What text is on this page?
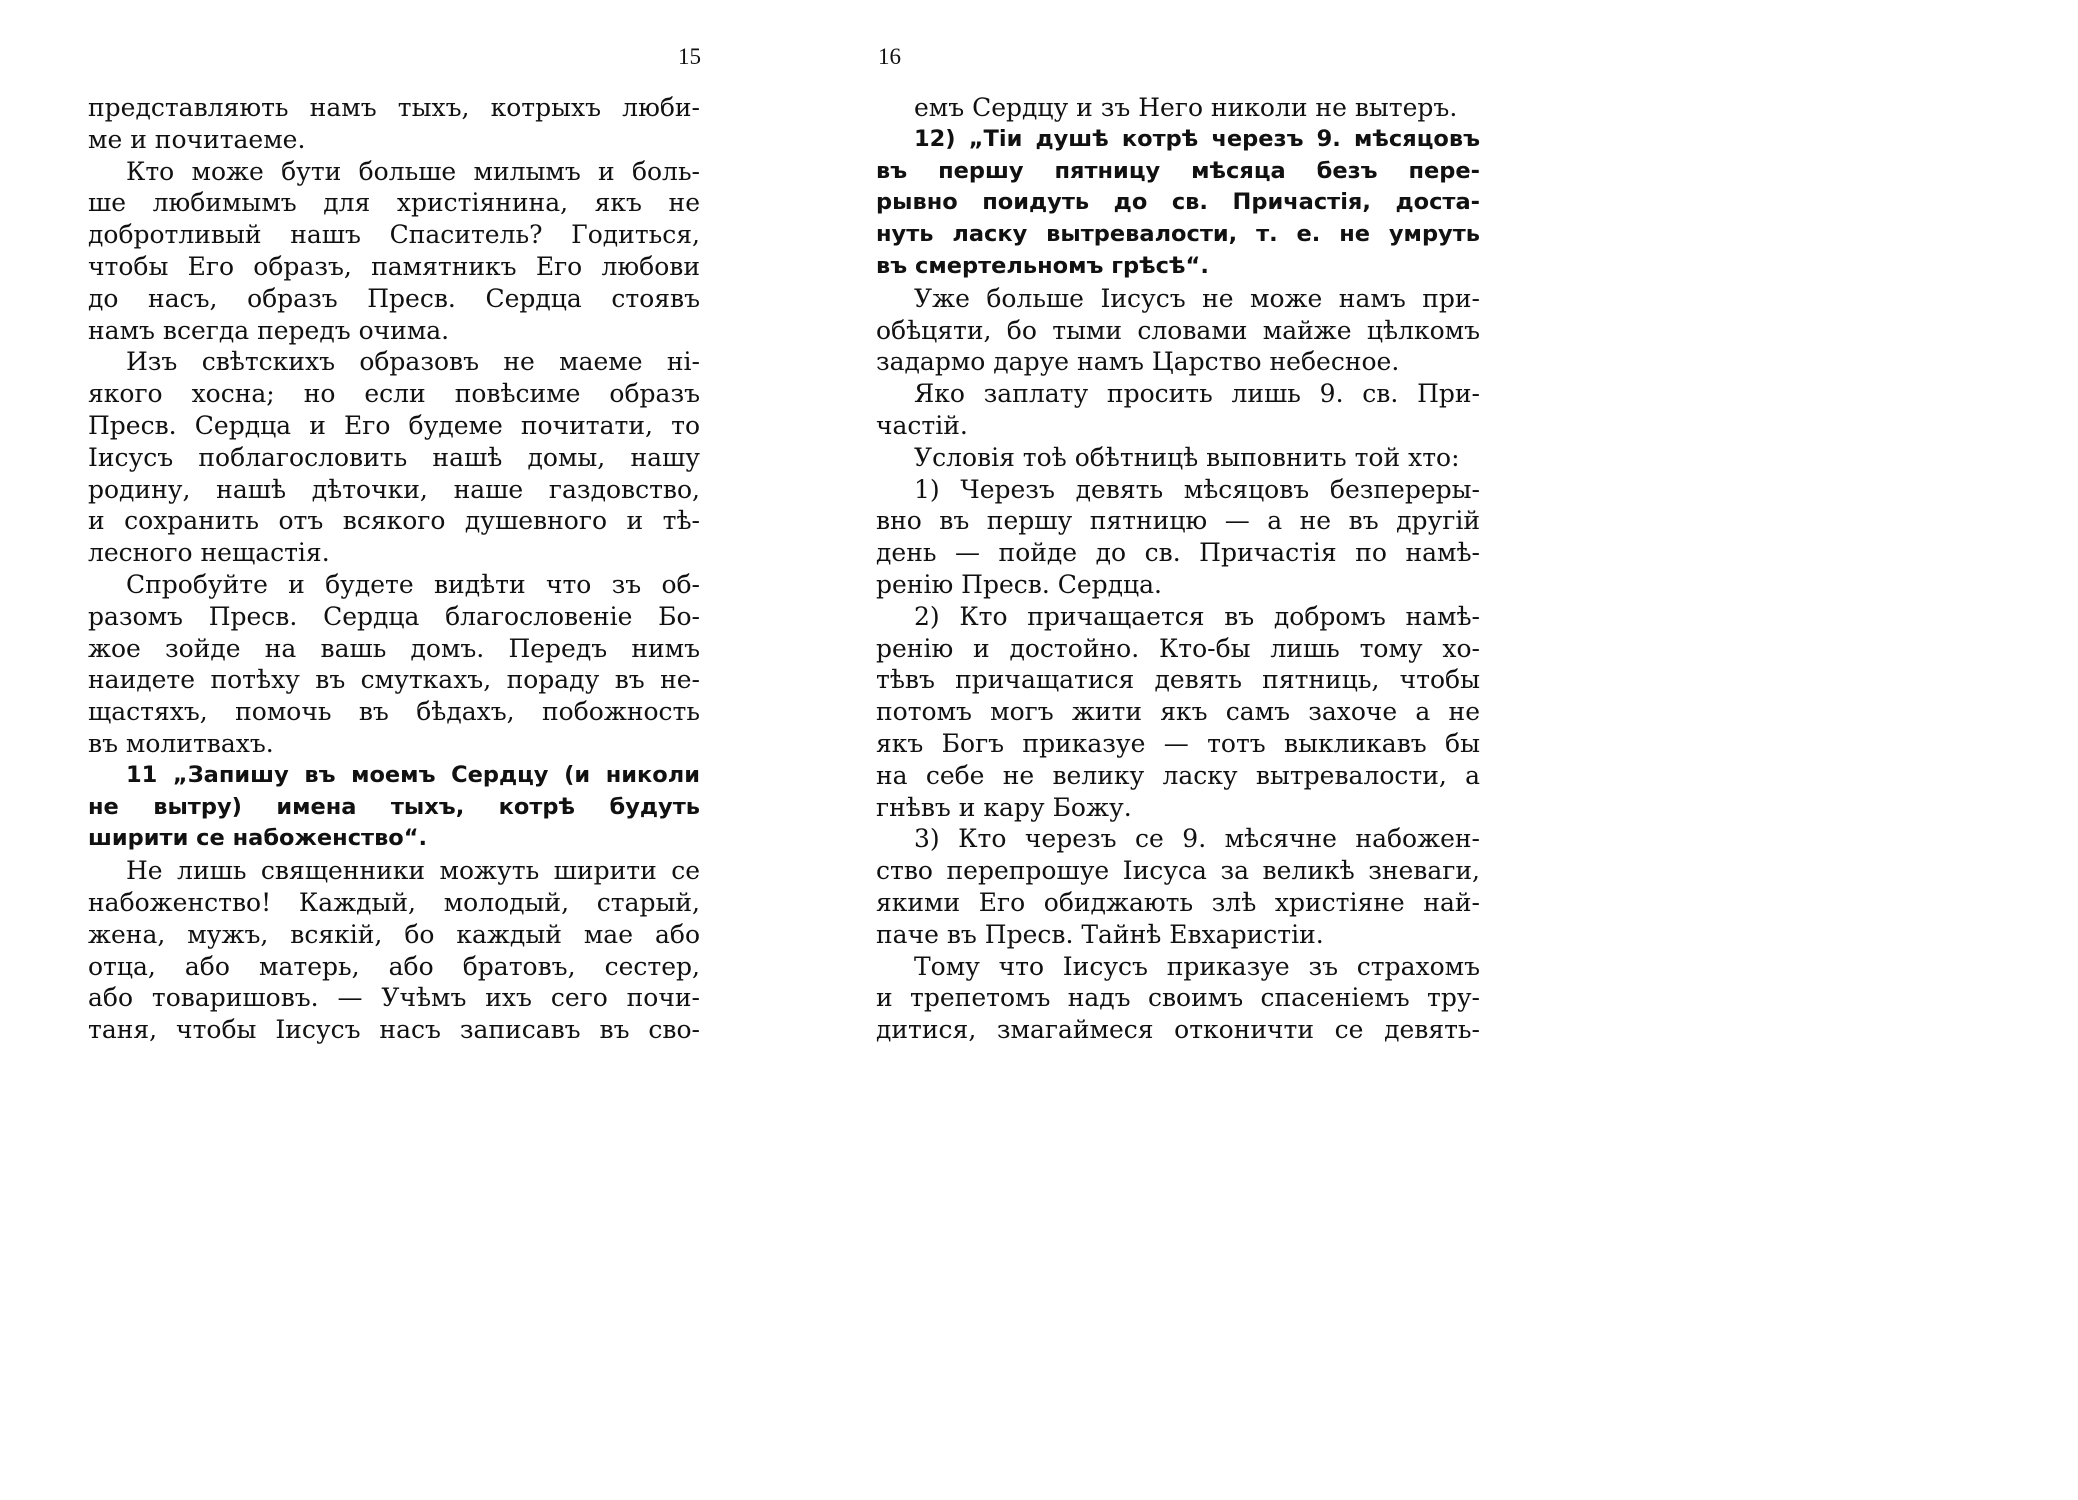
15
представляють намъ тыхъ, котрыхъ люби-
ме и почитаеме.
Кто може бути больше милымъ и боль-
ше любимымъ для христіянина, якъ не
добротливый нашъ Спаситель? Годиться,
чтобы Его образъ, памятникъ Его любови
до насъ, образъ Пресв. Сердца стоявъ
намъ всегда передъ очима.
Изъ свѣтскихъ образовъ не маеме ні-
якого хосна; но если повѣсиме образъ
Пресв. Сердца и Его будеме почитати, то
Іисусъ поблагословить нашѣ домы, нашу
родину, нашѣ дѣточки, наше газдовство,
и сохранить отъ всякого душевного и тѣ-
лесного нещастія.
Спробуйте и будете видѣти что зъ об-
разомъ Пресв. Сердца благословеніе Бо-
жое зойде на вашь домъ. Передъ нимъ
наидете потѣху въ смуткахъ, пораду въ не-
щастяхъ, помочь въ бѣдахъ, побожность
въ молитвахъ.
11 „Запишу въ моемъ Сердцу (и николи
не вытру) имена тыхъ, котрѣ будуть
ширити се набоженство“.
Не лишь священники можуть ширити се
набоженство! Каждый, молодый, старый,
жена, мужъ, всякій, бо каждый мае або
отца, або матерь, або братовъ, сестер,
або товаришовъ. — Учѣмъ ихъ сего почи-
таня, чтобы Іисусъ насъ записавъ въ сво-
16
емъ Сердцу и зъ Него николи не вытеръ.
12) „Тіи душѣ котрѣ черезъ 9. мѣсяцовъ
въ першу пятницу мѣсяца безъ пере-
рывно поидуть до св. Причастія, доста-
нуть ласку вытревалости, т. е. не умруть
въ смертельномъ грѣсѣ“.
Уже больше Іисусъ не може намъ при-
обѣцяти, бо тыми словами майже цѣлкомъ
задармо даруе намъ Царство небесное.
Яко заплату просить лишь 9. св. При-
частій.
Условія тоѣ обѣтницѣ выповнить той хто:
1) Черезъ девять мѣсяцовъ безпереры-
вно въ першу пятницю — а не въ другій
день — пойде до св. Причастія по намѣ-
ренію Пресв. Сердца.
2) Кто причащается въ добромъ намѣ-
ренію и достойно. Кто-бы лишь тому хо-
тѣвъ причащатися девять пятниць, чтобы
потомъ могъ жити якъ самъ захоче а не
якъ Богъ приказуе — тотъ выкликавъ бы
на себе не велику ласку вытревалости, а
гнѣвъ и кару Божу.
3) Кто черезъ се 9. мѣсячне набожен-
ство перепрошуе Іисуса за великѣ зневаги,
якими Его обиджають злѣ христіяне най-
паче въ Пресв. Тайнѣ Евхаристіи.
Тому что Іисусъ приказуе зъ страхомъ
и трепетомъ надъ своимъ спасеніемъ тру-
дитися, змагаймеся отконичти се девять-
